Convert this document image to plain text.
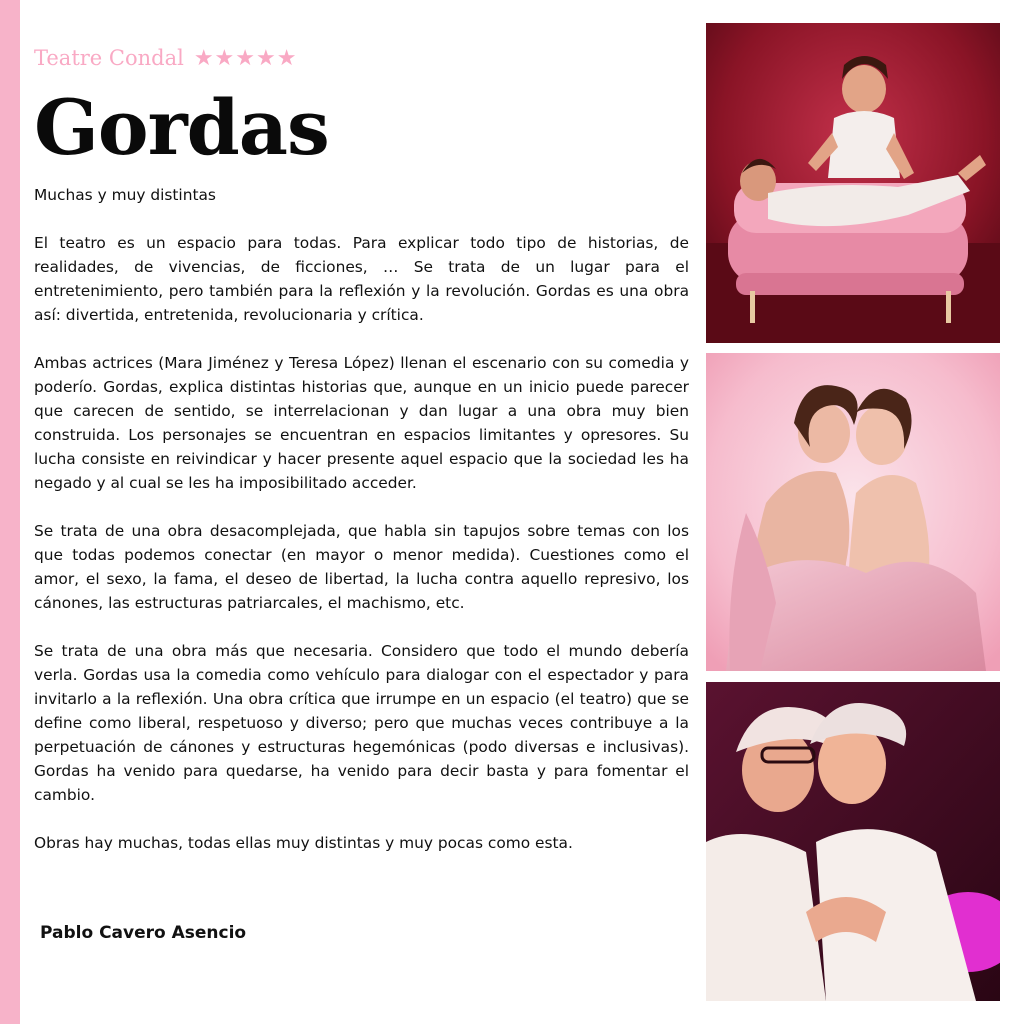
Teatre Condal ★★★★★
Gordas

Muchas y muy distintas

El teatro es un espacio para todas. Para explicar todo tipo de historias, de realidades, de vivencias, de ficciones, … Se trata de un lugar para el entretenimiento, pero también para la reflexión y la revolución. Gordas es una obra así: divertida, entretenida, revolucionaria y crítica.

Ambas actrices (Mara Jiménez y Teresa López) llenan el escenario con su comedia y poderío. Gordas, explica distintas historias que, aunque en un inicio puede parecer que carecen de sentido, se interrelacionan y dan lugar a una obra muy bien construida. Los personajes se encuentran en espacios limitantes y opresores. Su lucha consiste en reivindicar y hacer presente aquel espacio que la sociedad les ha negado y al cual se les ha imposibilitado acceder.

Se trata de una obra desacomplejada, que habla sin tapujos sobre temas con los que todas podemos conectar (en mayor o menor medida). Cuestiones como el amor, el sexo, la fama, el deseo de libertad, la lucha contra aquello represivo, los cánones, las estructuras patriarcales, el machismo, etc.

Se trata de una obra más que necesaria. Considero que todo el mundo debería verla. Gordas usa la comedia como vehículo para dialogar con el espectador y para invitarlo a la reflexión. Una obra crítica que irrumpe en un espacio (el teatro) que se define como liberal, respetuoso y diverso; pero que muchas veces contribuye a la perpetuación de cánones y estructuras hegemónicas (podo diversas e inclusivas). Gordas ha venido para quedarse, ha venido para decir basta y para fomentar el cambio.

Obras hay muchas, todas ellas muy distintas y muy pocas como esta.

Pablo Cavero Asencio
